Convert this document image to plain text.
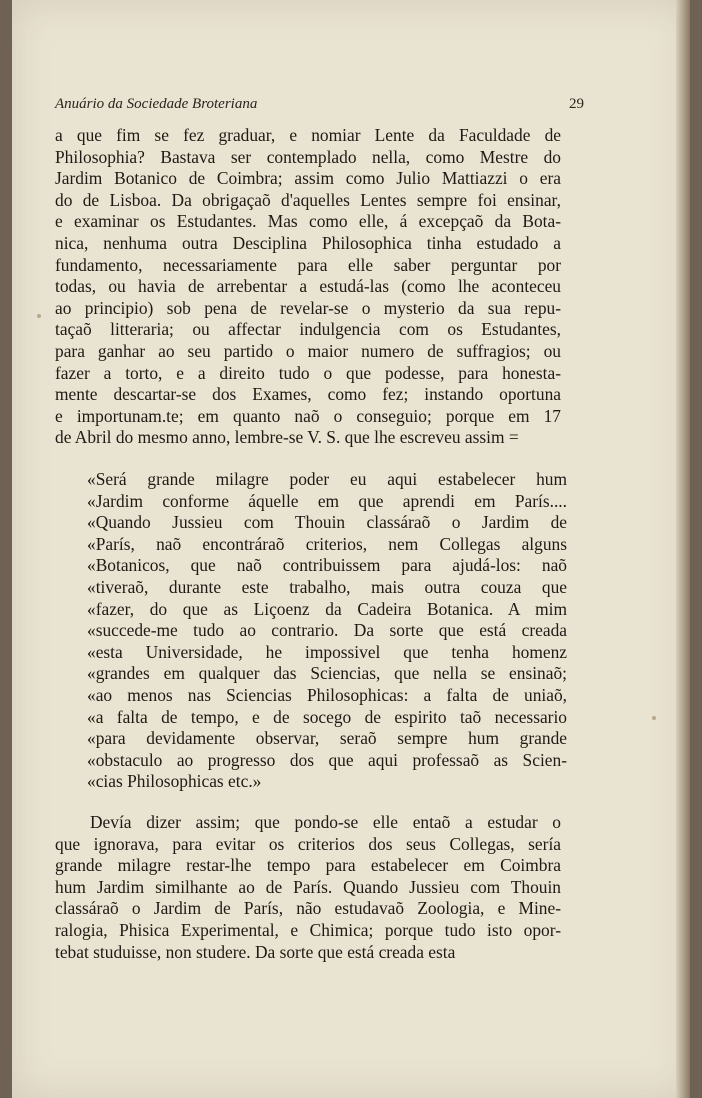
Anuário da Sociedade Broteriana	29
a que fim se fez graduar, e nomiar Lente da Faculdade de
Philosophia? Bastava ser contemplado nella, como Mestre do
Jardim Botanico de Coimbra; assim como Julio Mattiazzi o era
do de Lisboa. Da obrigaçaõ d'aquelles Lentes sempre foi ensinar,
e examinar os Estudantes. Mas como elle, á excepçaõ da Bota-
nica, nenhuma outra Desciplina Philosophica tinha estudado a
fundamento, necessariamente para elle saber perguntar por
todas, ou havia de arrebentar a estudá-las (como lhe aconteceu
ao principio) sob pena de revelar-se o mysterio da sua repu-
taçaõ litteraria; ou affectar indulgencia com os Estudantes,
para ganhar ao seu partido o maior numero de suffragios; ou
fazer a torto, e a direito tudo o que podesse, para honesta-
mente descartar-se dos Exames, como fez; instando oportuna
e importunam.te; em quanto naõ o conseguio; porque em 17
de Abril do mesmo anno, lembre-se V. S. que lhe escreveu assim =
«Será grande milagre poder eu aqui estabelecer hum
«Jardim conforme áquelle em que aprendi em París....
«Quando Jussieu com Thouin classáraõ o Jardim de
«París, naõ encontráraõ criterios, nem Collegas alguns
«Botanicos, que naõ contribuissem para ajudá-los: naõ
«tiveraõ, durante este trabalho, mais outra couza que
«fazer, do que as Liçoenz da Cadeira Botanica. A mim
«succede-me tudo ao contrario. Da sorte que está creada
«esta Universidade, he impossivel que tenha homenz
«grandes em qualquer das Sciencias, que nella se ensinaõ;
«ao menos nas Sciencias Philosophicas: a falta de uniaõ,
«a falta de tempo, e de socego de espirito taõ necessario
«para devidamente observar, seraõ sempre hum grande
«obstaculo ao progresso dos que aqui professaõ as Scien-
«cias Philosophicas etc.»
Devía dizer assim; que pondo-se elle entaõ a estudar o
que ignorava, para evitar os criterios dos seus Collegas, sería
grande milagre restar-lhe tempo para estabelecer em Coimbra
hum Jardim similhante ao de París. Quando Jussieu com Thouin
classáraõ o Jardim de París, não estudavaõ Zoologia, e Mine-
ralogia, Phisica Experimental, e Chimica; porque tudo isto opor-
tebat studuisse, non studere. Da sorte que está creada esta
